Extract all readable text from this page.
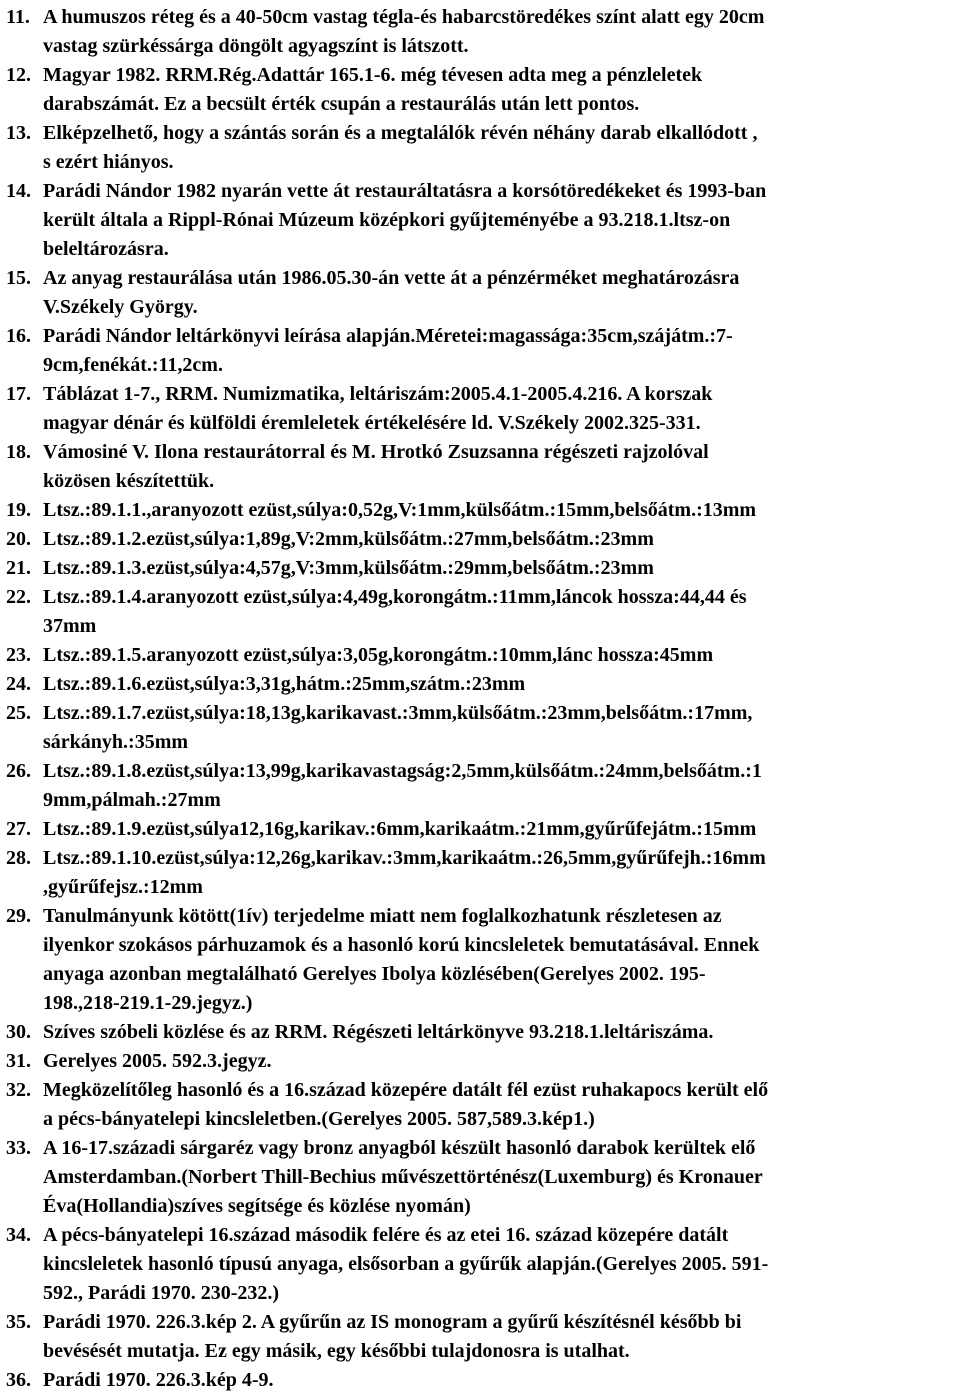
11. A humuszos réteg és a 40-50cm vastag tégla-és habarcstöredékes színt alatt egy 20cm
vastag szürkéssárga döngölt agyagszínt is látszott.
12. Magyar 1982. RRM.Rég.Adattár 165.1-6. még tévesen adta meg a pénzleletek
darabszámát. Ez a becsült érték csupán a restaurálás után lett pontos.
13. Elképzelhető, hogy a szántás során és a megtalálók révén néhány darab elkallódott ,
s ezért hiányos.
14. Parádi Nándor 1982 nyarán vette át restauráltatásra a korsótöredékeket és 1993-ban
került általa a Rippl-Rónai Múzeum középkori gyűjteményébe a 93.218.1.ltsz-on
beleltározásra.
15. Az anyag restaurálása után 1986.05.30-án vette át a pénzérméket meghatározásra
V.Székely György.
16. Parádi Nándor leltárkönyvi leírása alapján.Méretei:magassága:35cm,szájátm.:7-
9cm,fenékát.:11,2cm.
17. Táblázat 1-7., RRM. Numizmatika, leltáriszám:2005.4.1-2005.4.216. A korszak
magyar dénár és külföldi éremleletek értékelésére ld. V.Székely 2002.325-331.
18. Vámosiné V. Ilona restaurátorral és M. Hrotkó Zsuzsanna régészeti rajzolóval
közösen készítettük.
19. Ltsz.:89.1.1.,aranyozott ezüst,súlya:0,52g,V:1mm,külsőátm.:15mm,belsőátm.:13mm
20. Ltsz.:89.1.2.ezüst,súlya:1,89g,V:2mm,külsőátm.:27mm,belsőátm.:23mm
21. Ltsz.:89.1.3.ezüst,súlya:4,57g,V:3mm,külsőátm.:29mm,belsőátm.:23mm
22. Ltsz.:89.1.4.aranyozott ezüst,súlya:4,49g,korongátm.:11mm,láncok hossza:44,44 és
37mm
23. Ltsz.:89.1.5.aranyozott ezüst,súlya:3,05g,korongátm.:10mm,lánc hossza:45mm
24. Ltsz.:89.1.6.ezüst,súlya:3,31g,hátm.:25mm,szátm.:23mm
25. Ltsz.:89.1.7.ezüst,súlya:18,13g,karikavast.:3mm,külsőátm.:23mm,belsőátm.:17mm,
sárkányh.:35mm
26. Ltsz.:89.1.8.ezüst,súlya:13,99g,karikavastagság:2,5mm,külsőátm.:24mm,belsőátm.:1
9mm,pálmah.:27mm
27. Ltsz.:89.1.9.ezüst,súlya12,16g,karikav.:6mm,karikaátm.:21mm,gyűrűfejátm.:15mm
28. Ltsz.:89.1.10.ezüst,súlya:12,26g,karikav.:3mm,karikaátm.:26,5mm,gyűrűfejh.:16mm
,gyűrűfejsz.:12mm
29. Tanulmányunk kötött(1ív) terjedelme miatt nem foglalkozhatunk részletesen az
ilyenkor szokásos párhuzamok és a hasonló korú kincsleletek bemutatásával. Ennek
anyaga azonban megtalálható Gerelyes Ibolya közlésében(Gerelyes 2002. 195-
198.,218-219.1-29.jegyz.)
30. Szíves szóbeli közlése és az RRM. Régészeti leltárkönyve 93.218.1.leltáriszáma.
31. Gerelyes 2005. 592.3.jegyz.
32. Megközelítőleg hasonló és a 16.század közepére datált fél ezüst ruhakapocs került elő
a pécs-bányatelepi kincsleletben.(Gerelyes 2005. 587,589.3.kép1.)
33. A 16-17.századi sárgaréz vagy bronz anyagból készült hasonló darabok kerültek elő
Amsterdamban.(Norbert Thill-Bechius művészettörténész(Luxemburg) és Kronauer
Éva(Hollandia)szíves segítsége és közlése nyomán)
34. A pécs-bányatelepi 16.század második felére és az etei 16. század közepére datált
kincsleletek hasonló típusú anyaga, elsősorban a gyűrűk alapján.(Gerelyes 2005. 591-
592., Parádi 1970. 230-232.)
35. Parádi 1970. 226.3.kép 2. A gyűrűn az IS monogram a gyűrű készítésnél később bi
bevésését mutatja. Ez egy másik, egy későbbi tulajdonosra is utalhat.
36. Parádi 1970. 226.3.kép 4-9.
